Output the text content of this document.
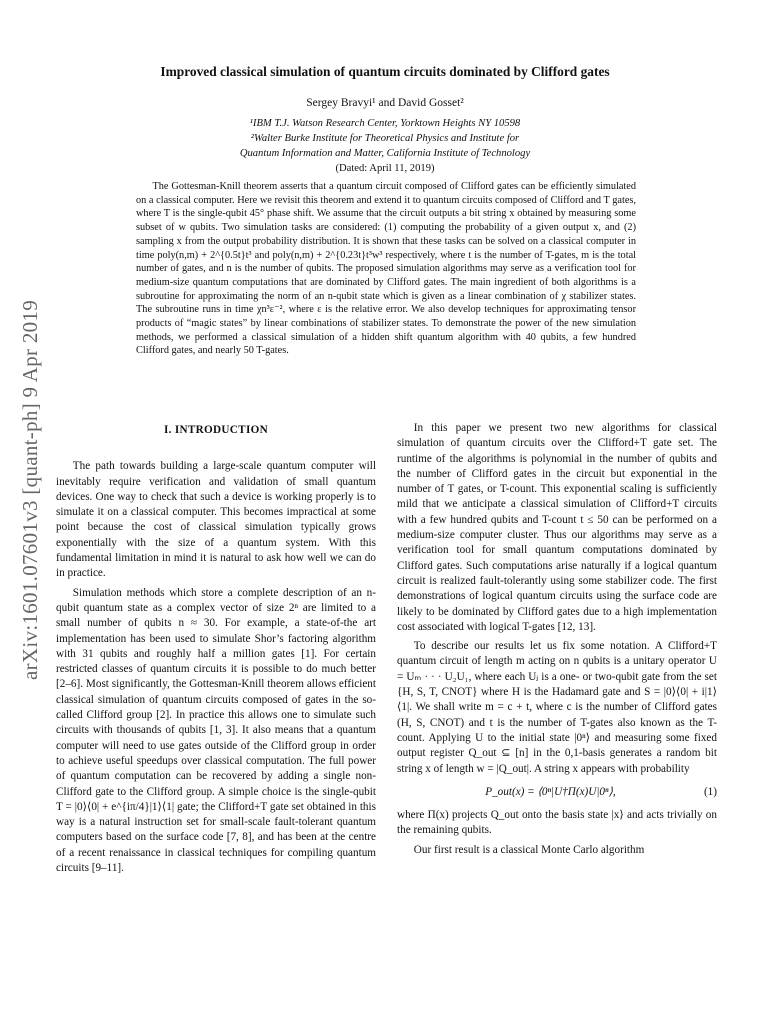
arXiv:1601.07601v3 [quant-ph] 9 Apr 2019
Improved classical simulation of quantum circuits dominated by Clifford gates
Sergey Bravyi¹ and David Gosset²
¹IBM T.J. Watson Research Center, Yorktown Heights NY 10598
²Walter Burke Institute for Theoretical Physics and Institute for
Quantum Information and Matter, California Institute of Technology
(Dated: April 11, 2019)

The Gottesman-Knill theorem asserts that a quantum circuit composed of Clifford gates can be efficiently simulated on a classical computer. Here we revisit this theorem and extend it to quantum circuits composed of Clifford and T gates, where T is the single-qubit 45° phase shift. We assume that the circuit outputs a bit string x obtained by measuring some subset of w qubits. Two simulation tasks are considered: (1) computing the probability of a given output x, and (2) sampling x from the output probability distribution. It is shown that these tasks can be solved on a classical computer in time poly(n,m) + 2^{0.5t}t³ and poly(n,m) + 2^{0.23t}t³w³ respectively, where t is the number of T-gates, m is the total number of gates, and n is the number of qubits. The proposed simulation algorithms may serve as a verification tool for medium-size quantum computations that are dominated by Clifford gates. The main ingredient of both algorithms is a subroutine for approximating the norm of an n-qubit state which is given as a linear combination of χ stabilizer states. The subroutine runs in time χn³ε⁻², where ε is the relative error. We also develop techniques for approximating tensor products of “magic states” by linear combinations of stabilizer states. To demonstrate the power of the new simulation methods, we performed a classical simulation of a hidden shift quantum algorithm with 40 qubits, a few hundred Clifford gates, and nearly 50 T-gates.

I. INTRODUCTION

The path towards building a large-scale quantum computer will inevitably require verification and validation of small quantum devices. One way to check that such a device is working properly is to simulate it on a classical computer. This becomes impractical at some point because the cost of classical simulation typically grows exponentially with the size of a quantum system. With this fundamental limitation in mind it is natural to ask how well we can do in practice.

Simulation methods which store a complete description of an n-qubit quantum state as a complex vector of size 2ⁿ are limited to a small number of qubits n ≈ 30. For example, a state-of-the art implementation has been used to simulate Shor’s factoring algorithm with 31 qubits and roughly half a million gates [1]. For certain restricted classes of quantum circuits it is possible to do much better [2–6]. Most significantly, the Gottesman-Knill theorem allows efficient classical simulation of quantum circuits composed of gates in the so-called Clifford group [2]. In practice this allows one to simulate such circuits with thousands of qubits [1, 3]. It also means that a quantum computer will need to use gates outside of the Clifford group in order to achieve useful speedups over classical computation. The full power of quantum computation can be recovered by adding a single non-Clifford gate to the Clifford group. A simple choice is the single-qubit T = |0⟩⟨0| + e^{iπ/4}|1⟩⟨1| gate; the Clifford+T gate set obtained in this way is a natural instruction set for small-scale fault-tolerant quantum computers based on the surface code [7, 8], and has been at the centre of a recent renaissance in classical techniques for compiling quantum circuits [9–11].

In this paper we present two new algorithms for classical simulation of quantum circuits over the Clifford+T gate set. The runtime of the algorithms is polynomial in the number of qubits and the number of Clifford gates in the circuit but exponential in the number of T gates, or T-count. This exponential scaling is sufficiently mild that we anticipate a classical simulation of Clifford+T circuits with a few hundred qubits and T-count t ≤ 50 can be performed on a medium-size computer cluster. Thus our algorithms may serve as a verification tool for small quantum computations dominated by Clifford gates. Such computations arise naturally if a logical quantum circuit is realized fault-tolerantly using some stabilizer code. The first demonstrations of logical quantum circuits using the surface code are likely to be dominated by Clifford gates due to a high implementation cost associated with logical T-gates [12, 13].

To describe our results let us fix some notation. A Clifford+T quantum circuit of length m acting on n qubits is a unitary operator U = Uₘ · · · U₂U₁, where each Uⱼ is a one- or two-qubit gate from the set {H, S, T, CNOT} where H is the Hadamard gate and S = |0⟩⟨0| + i|1⟩⟨1|. We shall write m = c + t, where c is the number of Clifford gates (H, S, CNOT) and t is the number of T-gates also known as the T-count. Applying U to the initial state |0ⁿ⟩ and measuring some fixed output register Q_out ⊆ [n] in the 0,1-basis generates a random bit string x of length w = |Q_out|. A string x appears with probability

P_out(x) = ⟨0ⁿ|U†Π(x)U|0ⁿ⟩,	(1)

where Π(x) projects Q_out onto the basis state |x⟩ and acts trivially on the remaining qubits.

Our first result is a classical Monte Carlo algorithm
